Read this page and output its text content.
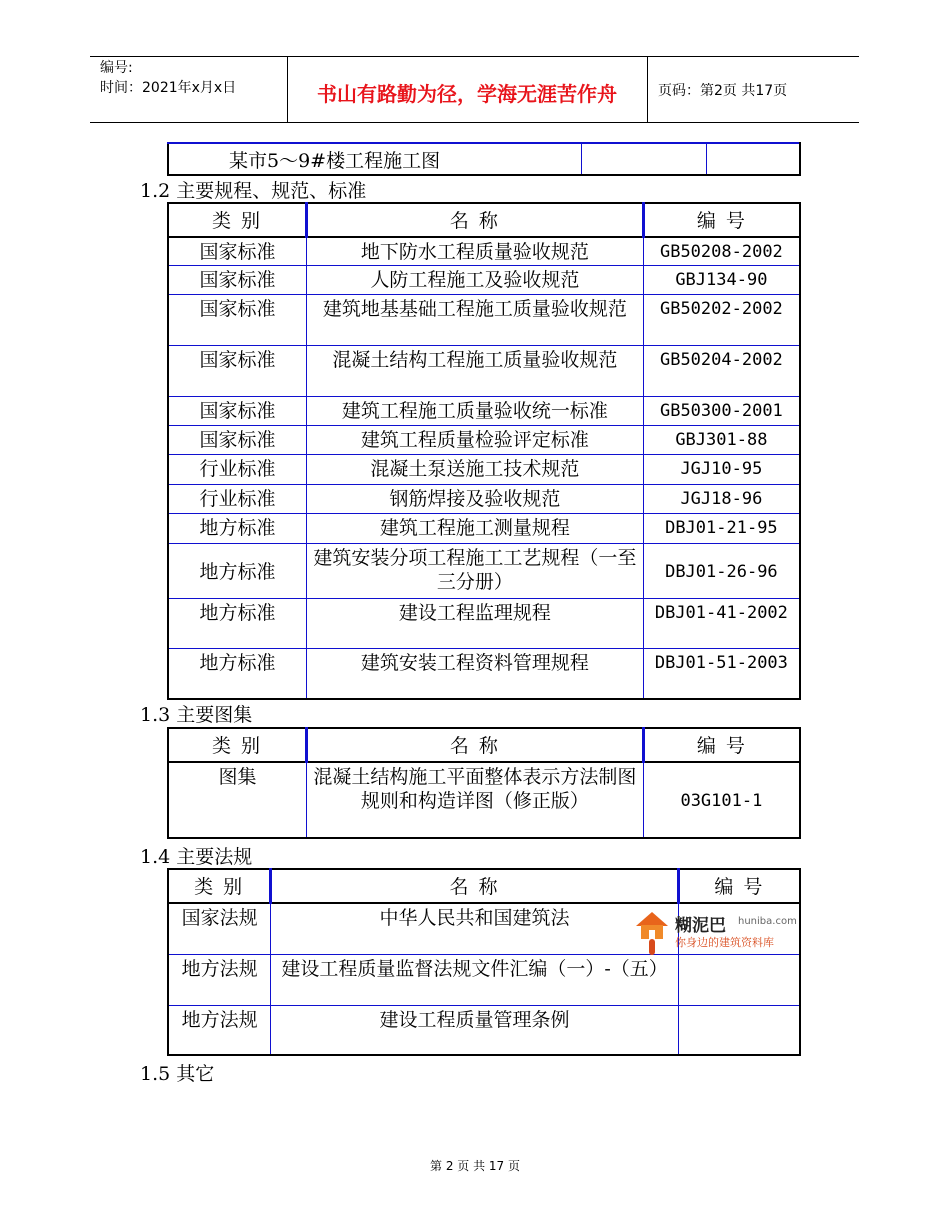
编号:
时间：2021年x月x日	书山有路勤为径，学海无涯苦作舟	页码：第2页 共17页
某市5～9#楼工程施工图		
1.2 主要规程、规范、标准
类 别	名 称	编 号
国家标准	地下防水工程质量验收规范	GB50208-2002
国家标准	人防工程施工及验收规范	GBJ134-90
国家标准	建筑地基基础工程施工质量验收规范	GB50202-2002
国家标准	混凝土结构工程施工质量验收规范	GB50204-2002
国家标准	建筑工程施工质量验收统一标准	GB50300-2001
国家标准	建筑工程质量检验评定标准	GBJ301-88
行业标准	混凝土泵送施工技术规范	JGJ10-95
行业标准	钢筋焊接及验收规范	JGJ18-96
地方标准	建筑工程施工测量规程	DBJ01-21-95
地方标准	建筑安装分项工程施工工艺规程（一至三分册）	DBJ01-26-96
地方标准	建设工程监理规程	DBJ01-41-2002
地方标准	建筑安装工程资料管理规程	DBJ01-51-2003
1.3 主要图集
类 别	名 称	编 号
图集	混凝土结构施工平面整体表示方法制图规则和构造详图（修正版）	03G101-1
1.4 主要法规
类 别	名 称	编 号
国家法规	中华人民共和国建筑法	
地方法规	建设工程质量监督法规文件汇编（一）-（五）	
地方法规	建设工程质量管理条例	
1.5 其它
糊泥巴 huniba.com
你身边的建筑资料库
第 2 页 共 17 页
